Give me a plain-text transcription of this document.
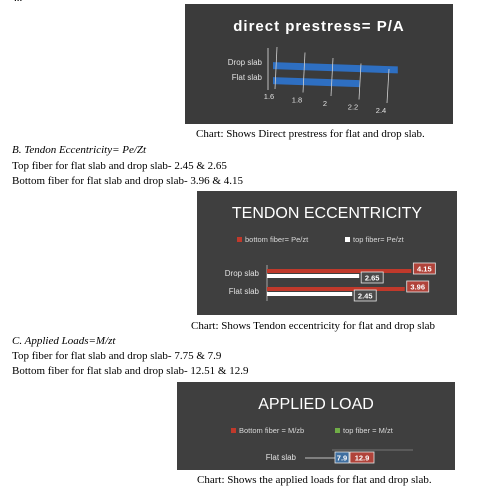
direct prestress= P/A
Drop slab
Flat slab
1.6 1.8	2	2.2 2.4
Chart: Shows Direct prestress for flat and drop slab.
B. Tendon Eccentricity= Pe/Zt
Top fiber for flat slab and drop slab- 2.45 & 2.65
Bottom fiber for flat slab and drop slab- 3.96 & 4.15
TENDON ECCENTRICITY
bottom fiber= Pe/zt	top fiber= Pe/zt
Drop slab	4.15
2.65
Flat slab	3.96
2.45
Chart: Shows Tendon eccentricity for flat and drop slab
C. Applied Loads=M/zt
Top fiber for flat slab and drop slab- 7.75 & 7.9
Bottom fiber for flat slab and drop slab- 12.51 & 12.9
APPLIED LOAD
Bottom fiber = M/zb	top fiber = M/zt
Flat slab	7.9 12.9
Chart: Shows the applied loads for flat and drop slab.
